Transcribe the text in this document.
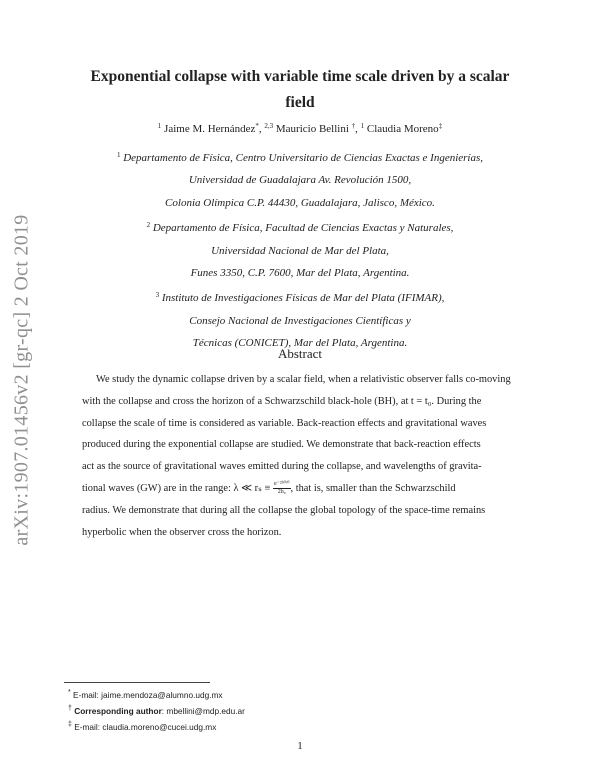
arXiv:1907.01456v2 [gr-qc] 2 Oct 2019
Exponential collapse with variable time scale driven by a scalar
field
$^1$ Jaime M. Hernández*, $^{2,3}$ Mauricio Bellini †, $^1$ Claudia Moreno‡
$^1$ Departamento de Física, Centro Universitario de Ciencias Exactas e Ingenierías,
Universidad de Guadalajara Av. Revolución 1500,
Colonia Olímpica C.P. 44430, Guadalajara, Jalisco, México.
$^2$ Departamento de Física, Facultad de Ciencias Exactas y Naturales,
Universidad Nacional de Mar del Plata,
Funes 3350, C.P. 7600, Mar del Plata, Argentina.
$^3$ Instituto de Investigaciones Físicas de Mar del Plata (IFIMAR),
Consejo Nacional de Investigaciones Científicas y
Técnicas (CONICET), Mar del Plata, Argentina.
Abstract
We study the dynamic collapse driven by a scalar field, when a relativistic observer falls co-moving
with the collapse and cross the horizon of a Schwarzschild black-hole (BH), at t = t₀. During the
collapse the scale of time is considered as variable. Back-reaction effects and gravitational waves
produced during the exponential collapse are studied. We demonstrate that back-reaction effects
act as the source of gravitational waves emitted during the collapse, and wavelengths of gravita-
tional waves (GW) are in the range: λ ≪ $r_s \equiv \frac{\text{e⁻²ʰ⁰ᵗ⁰}}{\text{2h₀}}$ , that is, smaller than the Schwarzschild
radius. We demonstrate that during all the collapse the global topology of the space-time remains
hyperbolic when the observer cross the horizon.
* E-mail: jaime.mendoza@alumno.udg.mx
† Corresponding author: mbellini@mdp.edu.ar
‡ E-mail: claudia.moreno@cucei.udg.mx
1
